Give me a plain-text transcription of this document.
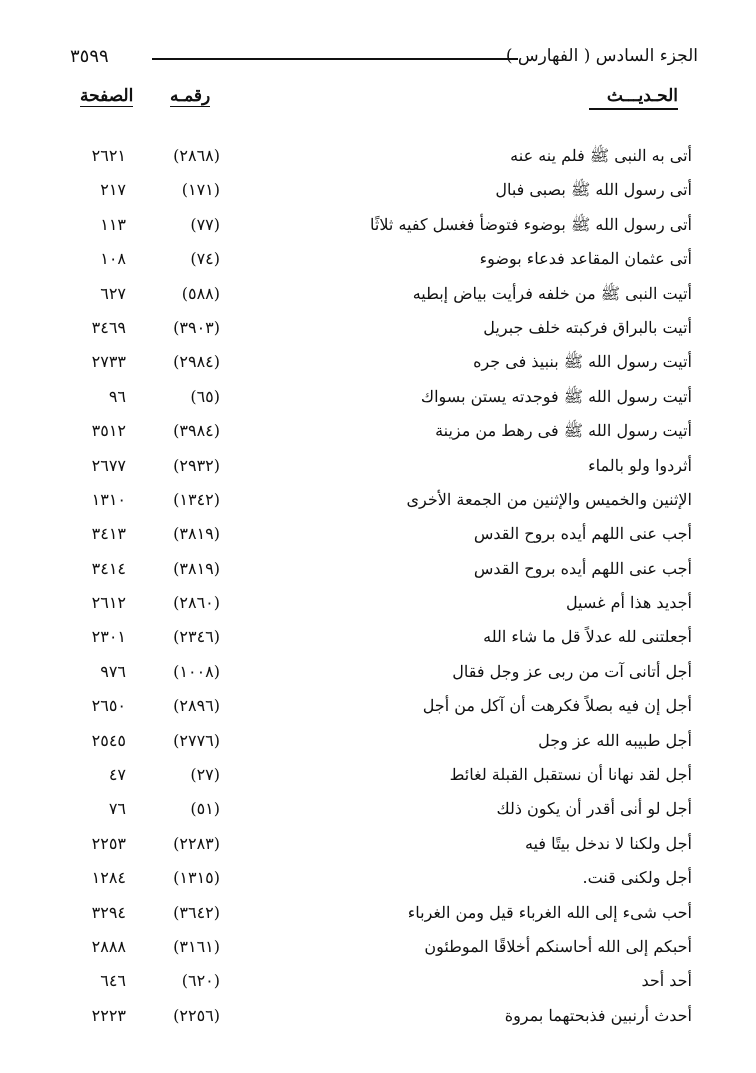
الجزء السادس ( الفهارس )
٣٥٩٩
الحـديـــث
رقمـه
الصفحة
أتى به النبى ﷺ فلم ينه عنه
(٢٨٦٨)
٢٦٢١
أتى رسول الله ﷺ بصبى فبال
(١٧١)
٢١٧
أتى رسول الله ﷺ بوضوء فتوضأ فغسل كفيه ثلاثًا
(٧٧)
١١٣
أتى عثمان المقاعد فدعاء بوضوء
(٧٤)
١٠٨
أتيت النبى ﷺ من خلفه فرأيت بياض إبطيه
(٥٨٨)
٦٢٧
أتيت بالبراق فركبته خلف جبريل
(٣٩٠٣)
٣٤٦٩
أتيت رسول الله ﷺ بنبيذ فى جره
(٢٩٨٤)
٢٧٣٣
أتيت رسول الله ﷺ فوجدته يستن بسواك
(٦٥)
٩٦
أتيت رسول الله ﷺ فى رهط من مزينة
(٣٩٨٤)
٣٥١٢
أثردوا ولو بالماء
(٢٩٣٢)
٢٦٧٧
الإثنين والخميس والإثنين من الجمعة الأخرى
(١٣٤٢)
١٣١٠
أجب عنى اللهم أيده بروح القدس
(٣٨١٩)
٣٤١٣
أجب عنى اللهم أيده بروح القدس
(٣٨١٩)
٣٤١٤
أجديد هذا أم غسيل
(٢٨٦٠)
٢٦١٢
أجعلتنى لله عدلاً قل ما شاء الله
(٢٣٤٦)
٢٣٠١
أجل أتانى آت من ربى عز وجل فقال
(١٠٠٨)
٩٧٦
أجل إن فيه بصلاً فكرهت أن آكل من أجل
(٢٨٩٦)
٢٦٥٠
أجل طبيبه الله عز وجل
(٢٧٧٦)
٢٥٤٥
أجل لقد نهانا أن نستقبل القبلة لغائط
(٢٧)
٤٧
أجل لو أنى أقدر أن يكون ذلك
(٥١)
٧٦
أجل ولكنا لا ندخل بيتًا فيه
(٢٢٨٣)
٢٢٥٣
أجل ولكنى قنت.
(١٣١٥)
١٢٨٤
أحب شىء إلى الله الغرباء قيل ومن الغرباء
(٣٦٤٢)
٣٢٩٤
أحبكم إلى الله أحاسنكم أخلاقًا الموطئون
(٣١٦١)
٢٨٨٨
أحد أحد
(٦٢٠)
٦٤٦
أحدث أرنبين فذبحتهما بمروة
(٢٢٥٦)
٢٢٢٣
